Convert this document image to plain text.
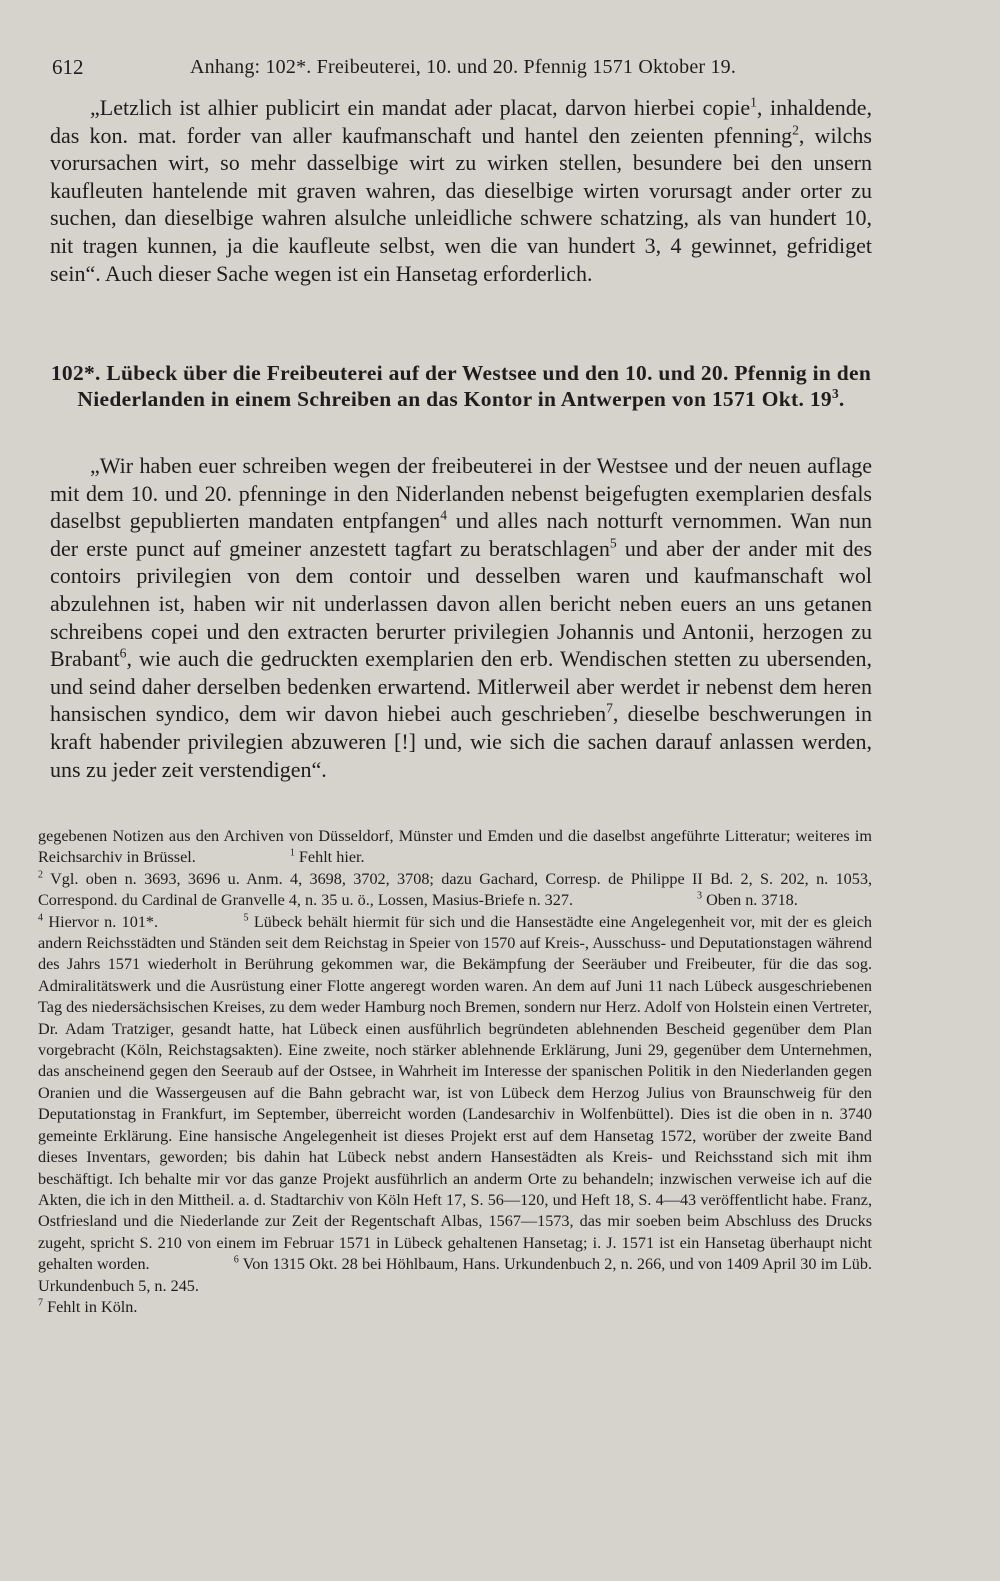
612	Anhang: 102*. Freibeuterei, 10. und 20. Pfennig 1571 Oktober 19.

„Letzlich ist alhier publicirt ein mandat ader placat, darvon hierbei copie$^1$, inhaldende, das kon. mat. forder van aller kaufmanschaft und hantel den zeienten pfenning$^2$, wilchs vorursachen wirt, so mehr dasselbige wirt zu wirken stellen, besundere bei den unsern kaufleuten hantelende mit graven wahren, das dieselbige wirten vorursagt ander orter zu suchen, dan dieselbige wahren alsulche unleidliche schwere schatzing, als van hundert 10, nit tragen kunnen, ja die kaufleute selbst, wen die van hundert 3, 4 gewinnet, gefridiget sein“. Auch dieser Sache wegen ist ein Hansetag erforderlich.

102*. Lübeck über die Freibeuterei auf der Westsee und den 10. und 20. Pfennig in den Niederlanden in einem Schreiben an das Kontor in Antwerpen von 1571 Okt. $19^3$.

„Wir haben euer schreiben wegen der freibeuterei in der Westsee und der neuen auflage mit dem 10. und 20. pfenninge in den Niderlanden nebenst beigefugten exemplarien desfals daselbst gepublierten mandaten entpfangen$^4$ und alles nach notturft vernommen. Wan nun der erste punct auf gmeiner anzestett tagfart zu beratschlagen$^5$ und aber der ander mit des contoirs privilegien von dem contoir und desselben waren und kaufmanschaft wol abzulehnen ist, haben wir nit underlassen davon allen bericht neben euers an uns getanen schreibens copei und den extracten berurter privilegien Johannis und Antonii, herzogen zu Brabant$^6$, wie auch die gedruckten exemplarien den erb. Wendischen stetten zu ubersenden, und seind daher derselben bedenken erwartend. Mitlerweil aber werdet ir nebenst dem heren hansischen syndico, dem wir davon hiebei auch geschrieben$^7$, dieselbe beschwerungen in kraft habender privilegien abzuweren [!] und, wie sich die sachen darauf anlassen werden, uns zu jeder zeit verstendigen“.

gegebenen Notizen aus den Archiven von Düsseldorf, Münster und Emden und die daselbst angeführte Litteratur; weiteres im Reichsarchiv in Brüssel.	$^1$ Fehlt hier.

$^2$ Vgl. oben n. 3693, 3696 u. Anm. 4, 3698, 3702, 3708; dazu Gachard, Corresp. de Philippe II Bd. 2, S. 202, n. 1053, Correspond. du Cardinal de Granvelle 4, n. 35 u. ö., Lossen, Masius-Briefe n. 327.	$^3$ Oben n. 3718. $^4$ Hiervor n. 101*.	$^5$ Lübeck behält hiermit für sich und die Hansestädte eine Angelegenheit vor, mit der es gleich andern Reichsstädten und Ständen seit dem Reichstag in Speier von 1570 auf Kreis-, Ausschuss- und Deputationstagen während des Jahrs 1571 wiederholt in Berührung gekommen war, die Bekämpfung der Seeräuber und Freibeuter, für die das sog. Admiralitätswerk und die Ausrüstung einer Flotte angeregt worden waren. An dem auf Juni 11 nach Lübeck ausgeschriebenen Tag des niedersächsischen Kreises, zu dem weder Hamburg noch Bremen, sondern nur Herz. Adolf von Holstein einen Vertreter, Dr. Adam Tratziger, gesandt hatte, hat Lübeck einen ausführlich begründeten ablehnenden Bescheid gegenüber dem Plan vorgebracht (Köln, Reichstagsakten). Eine zweite, noch stärker ablehnende Erklärung, Juni 29, gegenüber dem Unternehmen, das anscheinend gegen den Seeraub auf der Ostsee, in Wahrheit im Interesse der spanischen Politik in den Niederlanden gegen Oranien und die Wassergeusen auf die Bahn gebracht war, ist von Lübeck dem Herzog Julius von Braunschweig für den Deputationstag in Frankfurt, im September, überreicht worden (Landesarchiv in Wolfenbüttel). Dies ist die oben in n. 3740 gemeinte Erklärung. Eine hansische Angelegenheit ist dieses Projekt erst auf dem Hansetag 1572, worüber der zweite Band dieses Inventars, geworden; bis dahin hat Lübeck nebst andern Hansestädten als Kreis- und Reichsstand sich mit ihm beschäftigt. Ich behalte mir vor das ganze Projekt ausführlich an anderm Orte zu behandeln; inzwischen verweise ich auf die Akten, die ich in den Mittheil. a. d. Stadtarchiv von Köln Heft 17, S. 56—120, und Heft 18, S. 4—43 veröffentlicht habe. Franz, Ostfriesland und die Niederlande zur Zeit der Regentschaft Albas, 1567—1573, das mir soeben beim Abschluss des Drucks zugeht, spricht S. 210 von einem im Februar 1571 in Lübeck gehaltenen Hansetag; i. J. 1571 ist ein Hansetag überhaupt nicht gehalten worden.	$^6$ Von 1315 Okt. 28 bei Höhlbaum, Hans. Urkundenbuch 2, n. 266, und von 1409 April 30 im Lüb. Urkundenbuch 5, n. 245.

$^7$ Fehlt in Köln.
